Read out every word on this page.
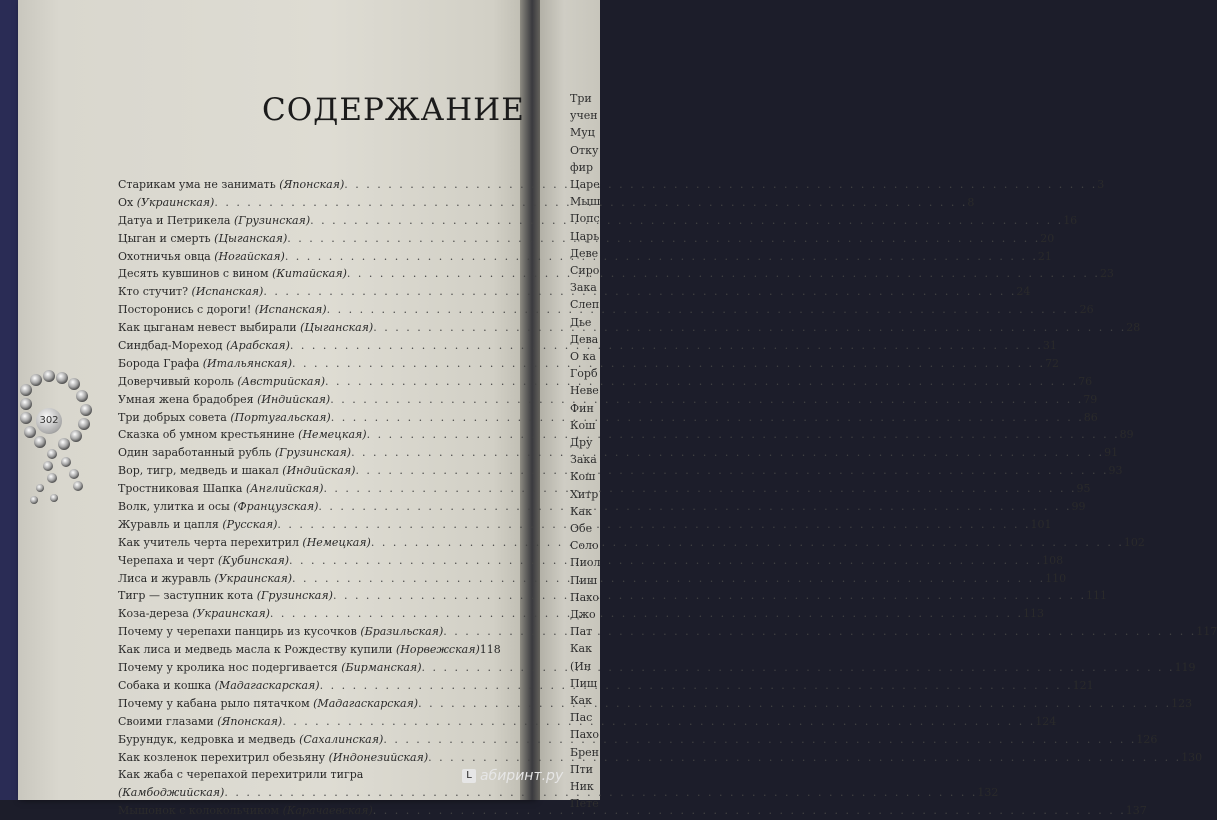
Три
учен
Муц
Отку
фир
Царе
Мыш
Попс
Царь
Деве
Сиро
Зака
Слеп
Дье
Дева
О ка
Горб
Неве
Фин
Кош
Дру
Зака
Кош
Хитр
Как
Обе
Соло
Пиол
Пиш
Пахо
Джо
Пат
Как
(Ин
Пиш
Как
Пас
Пахо
Брен
Пти
Ник
Пете
СОДЕРЖАНИЕ
302
Старикам ума не занимать (Японская) . . .	3
Ох (Украинская) . . .	8
Датуа и Петрикела (Грузинская) . . .	16
Цыган и смерть (Цыганская) . . .	20
Охотничья овца (Ногайская) . . .	21
Десять кувшинов с вином (Китайская) . . .	23
Кто стучит? (Испанская) . . .	24
Посторонись с дороги! (Испанская) . . .	26
Как цыганам невест выбирали (Цыганская) . . .	28
Синдбад-Мореход (Арабская) . . .	31
Борода Графа (Итальянская) . . .	72
Доверчивый король (Австрийская) . . .	76
Умная жена брадобрея (Индийская) . . .	79
Три добрых совета (Португальская) . . .	86
Сказка об умном крестьянине (Немецкая) . . .	89
Один заработанный рубль (Грузинская) . . .	91
Вор, тигр, медведь и шакал (Индийская) . . .	93
Тростниковая Шапка (Английская) . . .	95
Волк, улитка и осы (Французская) . . .	99
Журавль и цапля (Русская) . . .	101
Как учитель черта перехитрил (Немецкая) . . .	102
Черепаха и черт (Кубинская) . . .	108
Лиса и журавль (Украинская) . . .	110
Тигр — заступник кота (Грузинская) . . .	111
Коза-дереза (Украинская) . . .	113
Почему у черепахи панцирь из кусочков (Бразильская) . . .	117
Как лиса и медведь масла к Рождеству купили (Норвежская) 118
Почему у кролика нос подергивается (Бирманская) . . .	119
Собака и кошка (Мадагаскарская) . . .	121
Почему у кабана рыло пятачком (Мадагаскарская) . . .	123
Своими глазами (Японская) . . .	124
Бурундук, кедровка и медведь (Сахалинская) . . .	126
Как козленок перехитрил обезьяну (Индонезийская) . . .	130
Как жаба с черепахой перехитрили тигра
(Камбоджийская) . . .	132
Мышонок с колокольчиком (Карачаевская) . . .	137
L абиринт.ру
